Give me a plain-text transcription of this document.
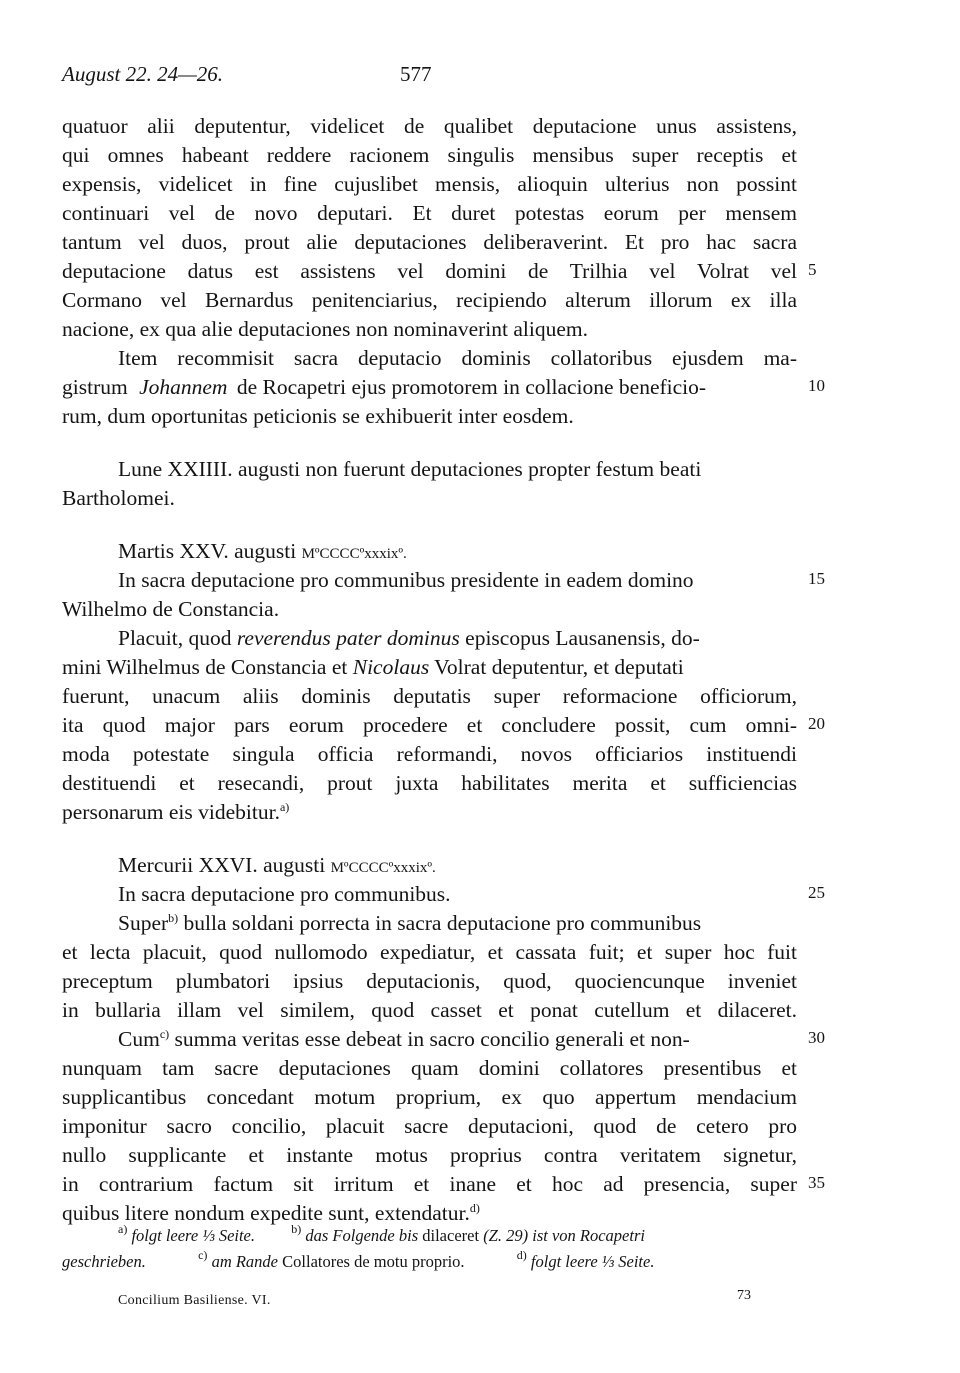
August 22. 24—26.	577
quatuor alii deputentur, videlicet de qualibet deputacione unus assistens,
qui omnes habeant reddere racionem singulis mensibus super receptis et
expensis, videlicet in fine cujuslibet mensis, alioquin ulterius non possint
continuari vel de novo deputari. Et duret potestas eorum per mensem
tantum vel duos, prout alie deputaciones deliberaverint. Et pro hac sacra
deputacione datus est assistens vel domini de Trilhia vel Volrat vel
Cormano vel Bernardus penitenciarius, recipiendo alterum illorum ex illa
nacione, ex qua alie deputaciones non nominaverint aliquem.
Item recommisit sacra deputacio dominis collatoribus ejusdem ma-
gistrum Johannem de Rocapetri ejus promotorem in collacione beneficio-
rum, dum oportunitas peticionis se exhibuerit inter eosdem.
Lune XXIIII. augusti non fuerunt deputaciones propter festum beati
Bartholomei.
Martis XXV. augusti MºCCCCºxxxixº.
In sacra deputacione pro communibus presidente in eadem domino
Wilhelmo de Constancia.
Placuit, quod reverendus pater dominus episcopus Lausanensis, do-
mini Wilhelmus de Constancia et Nicolaus Volrat deputentur, et deputati
fuerunt, unacum aliis dominis deputatis super reformacione officiorum,
ita quod major pars eorum procedere et concludere possit, cum omni-
moda potestate singula officia reformandi, novos officiarios instituendi
destituendi et resecandi, prout juxta habilitates merita et sufficiencias
personarum eis videbitur.$^{a)}$
Mercurii XXVI. augusti MºCCCCºxxxixº.
In sacra deputacione pro communibus.
Super$^{b)}$ bulla soldani porrecta in sacra deputacione pro communibus
et lecta placuit, quod nullomodo expediatur, et cassata fuit; et super hoc fuit
preceptum plumbatori ipsius deputacionis, quod, quociencunque inveniet
in bullaria illam vel similem, quod casset et ponat cutellum et dilaceret.
Cum$^{c)}$ summa veritas esse debeat in sacro concilio generali et non-
nunquam tam sacre deputaciones quam domini collatores presentibus et
supplicantibus concedant motum proprium, ex quo appertum mendacium
imponitur sacro concilio, placuit sacre deputacioni, quod de cetero pro
nullo supplicante et instante motus proprius contra veritatem signetur,
in contrarium factum sit irritum et inane et hoc ad presencia, super
quibus litere nondum expedite sunt, extendatur.$^{d)}$
5
10
15
20
25
30
35
$^{a)}$ folgt leere ⅓ Seite.	$^{b)}$ das Folgende bis dilaceret (Z. 29) ist von Rocapetri
geschrieben.	$^{c)}$ am Rande Collatores de motu proprio.	$^{d)}$ folgt leere ⅓ Seite.
Concilium Basiliense. VI.	73
